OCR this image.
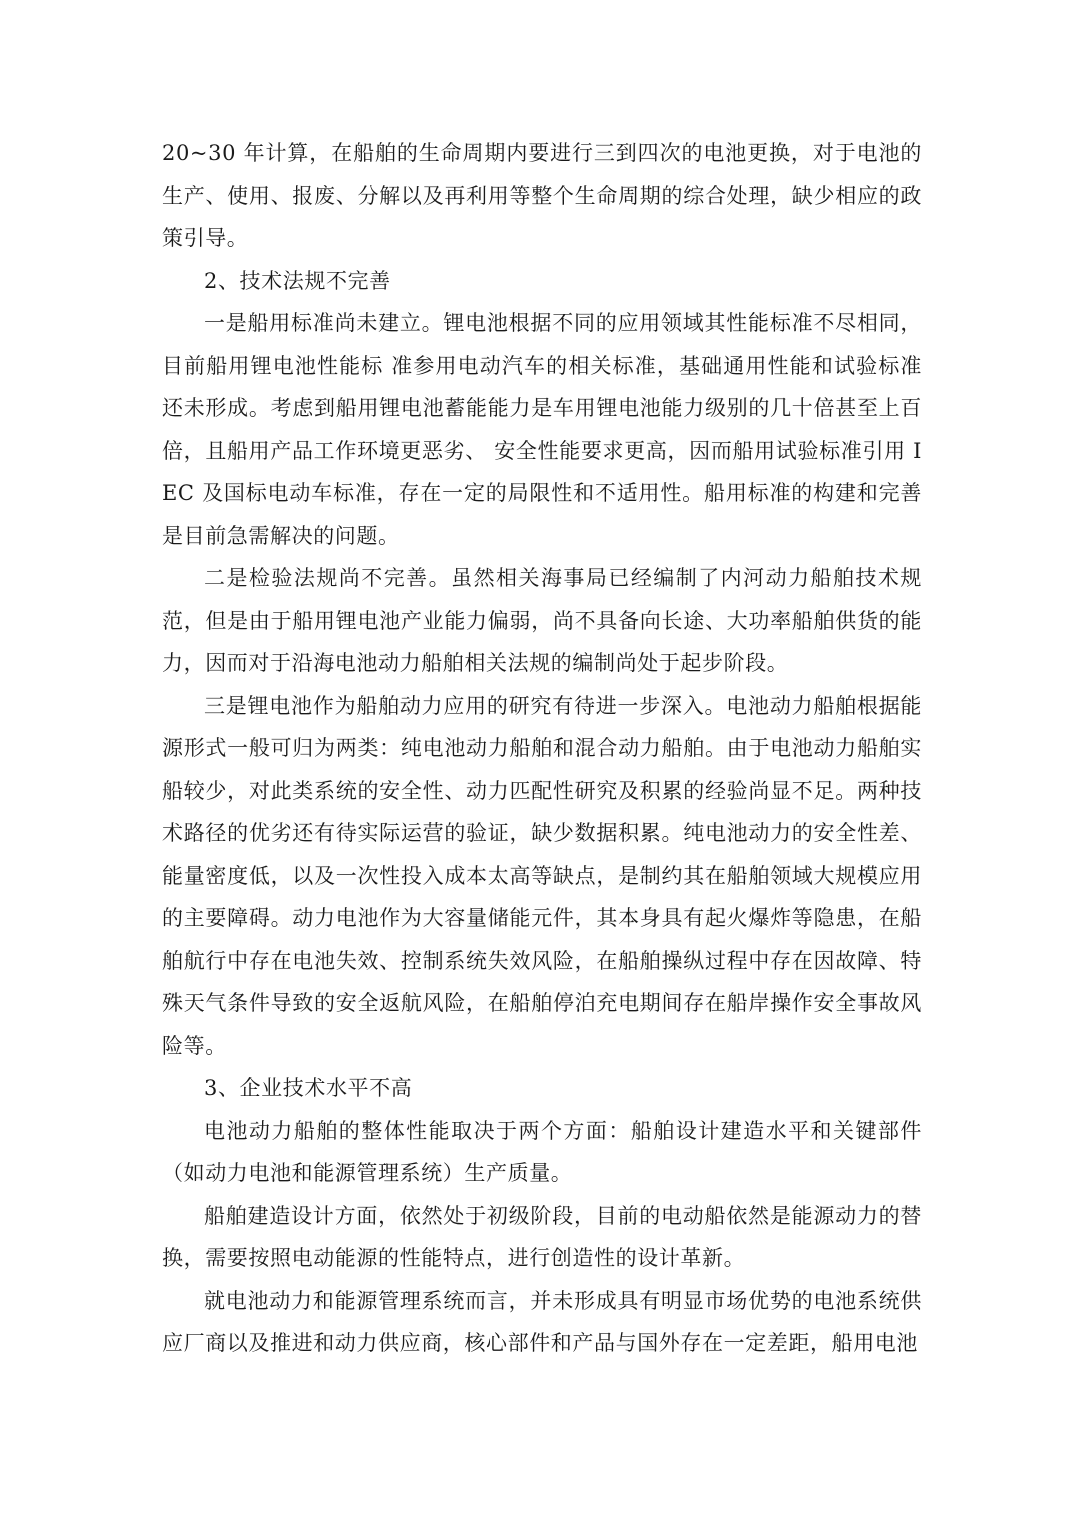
20~30 年计算，在船舶的生命周期内要进行三到四次的电池更换，对于电池的生产、使用、报废、分解以及再利用等整个生命周期的综合处理，缺少相应的政策引导。

2、技术法规不完善

一是船用标准尚未建立。锂电池根据不同的应用领域其性能标准不尽相同，目前船用锂电池性能标 准参用电动汽车的相关标准，基础通用性能和试验标准还未形成。考虑到船用锂电池蓄能能力是车用锂电池能力级别的几十倍甚至上百倍，且船用产品工作环境更恶劣、 安全性能要求更高，因而船用试验标准引用 IEC 及国标电动车标准，存在一定的局限性和不适用性。船用标准的构建和完善是目前急需解决的问题。

二是检验法规尚不完善。虽然相关海事局已经编制了内河动力船舶技术规范，但是由于船用锂电池产业能力偏弱，尚不具备向长途、大功率船舶供货的能力，因而对于沿海电池动力船舶相关法规的编制尚处于起步阶段。

三是锂电池作为船舶动力应用的研究有待进一步深入。电池动力船舶根据能源形式一般可归为两类：纯电池动力船舶和混合动力船舶。由于电池动力船舶实船较少，对此类系统的安全性、动力匹配性研究及积累的经验尚显不足。两种技术路径的优劣还有待实际运营的验证，缺少数据积累。纯电池动力的安全性差、能量密度低，以及一次性投入成本太高等缺点，是制约其在船舶领域大规模应用的主要障碍。动力电池作为大容量储能元件，其本身具有起火爆炸等隐患，在船舶航行中存在电池失效、控制系统失效风险，在船舶操纵过程中存在因故障、特殊天气条件导致的安全返航风险，在船舶停泊充电期间存在船岸操作安全事故风险等。

3、企业技术水平不高

电池动力船舶的整体性能取决于两个方面：船舶设计建造水平和关键部件（如动力电池和能源管理系统）生产质量。

船舶建造设计方面，依然处于初级阶段，目前的电动船依然是能源动力的替换，需要按照电动能源的性能特点，进行创造性的设计革新。

就电池动力和能源管理系统而言，并未形成具有明显市场优势的电池系统供应厂商以及推进和动力供应商，核心部件和产品与国外存在一定差距，船用电池
